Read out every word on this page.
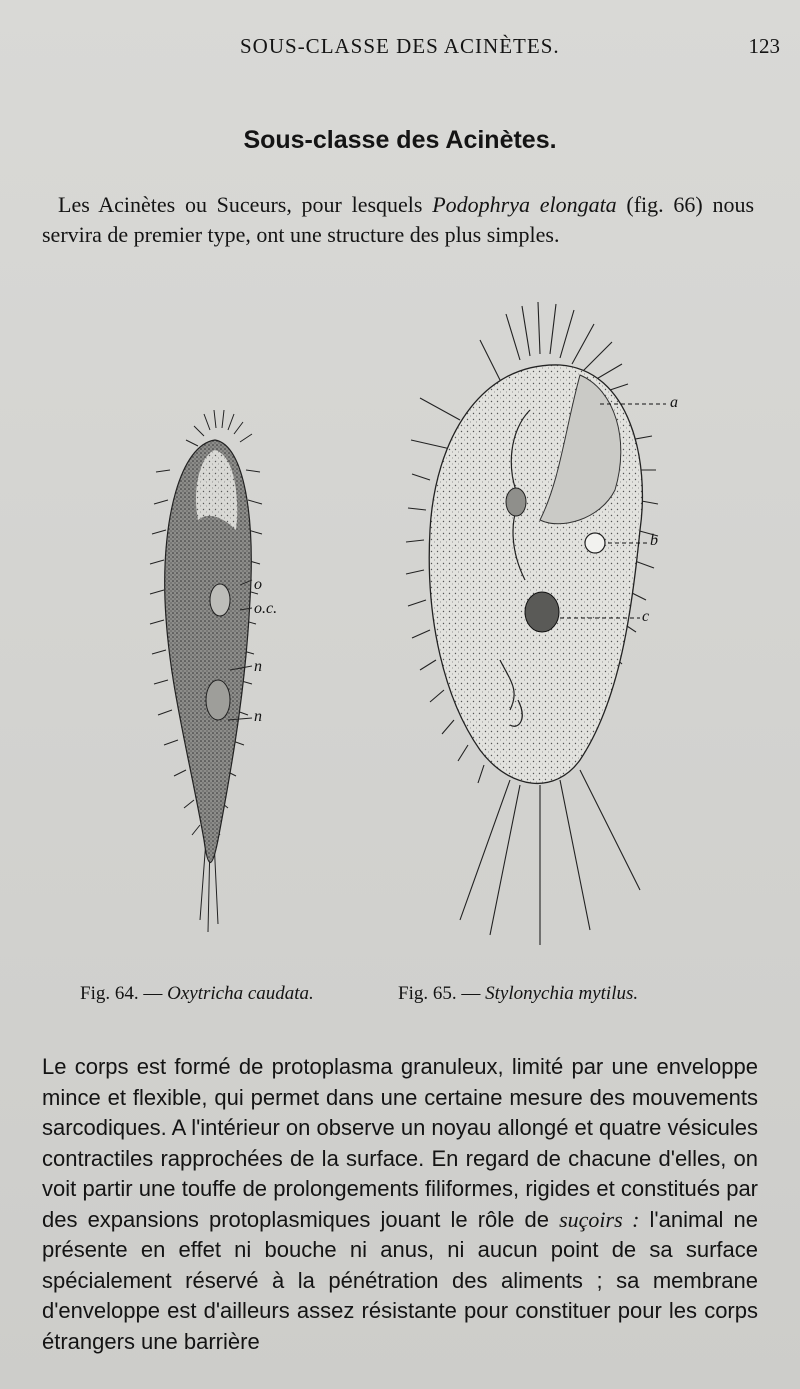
SOUS-CLASSE DES ACINÈTES.	123
Sous-classe des Acinètes.

Les Acinètes ou Suceurs, pour lesquels Podophrya elongata (fig. 66) nous servira de premier type, ont une structure des plus simples.

o
o.c.
n
n
a
b
c
Fig. 64. — Oxytricha caudata.	Fig. 65. — Stylonychia mytilus.

Le corps est formé de protoplasma granuleux, limité par une enveloppe mince et flexible, qui permet dans une certaine mesure des mouvements sarcodiques. A l'intérieur on observe un noyau allongé et quatre vésicules contractiles rapprochées de la surface. En regard de chacune d'elles, on voit partir une touffe de prolongements filiformes, rigides et constitués par des expansions protoplasmiques jouant le rôle de suçoirs : l'animal ne présente en effet ni bouche ni anus, ni aucun point de sa surface spécialement réservé à la pénétration des aliments ; sa membrane d'enveloppe est d'ailleurs assez résistante pour constituer pour les corps étrangers une barrière
